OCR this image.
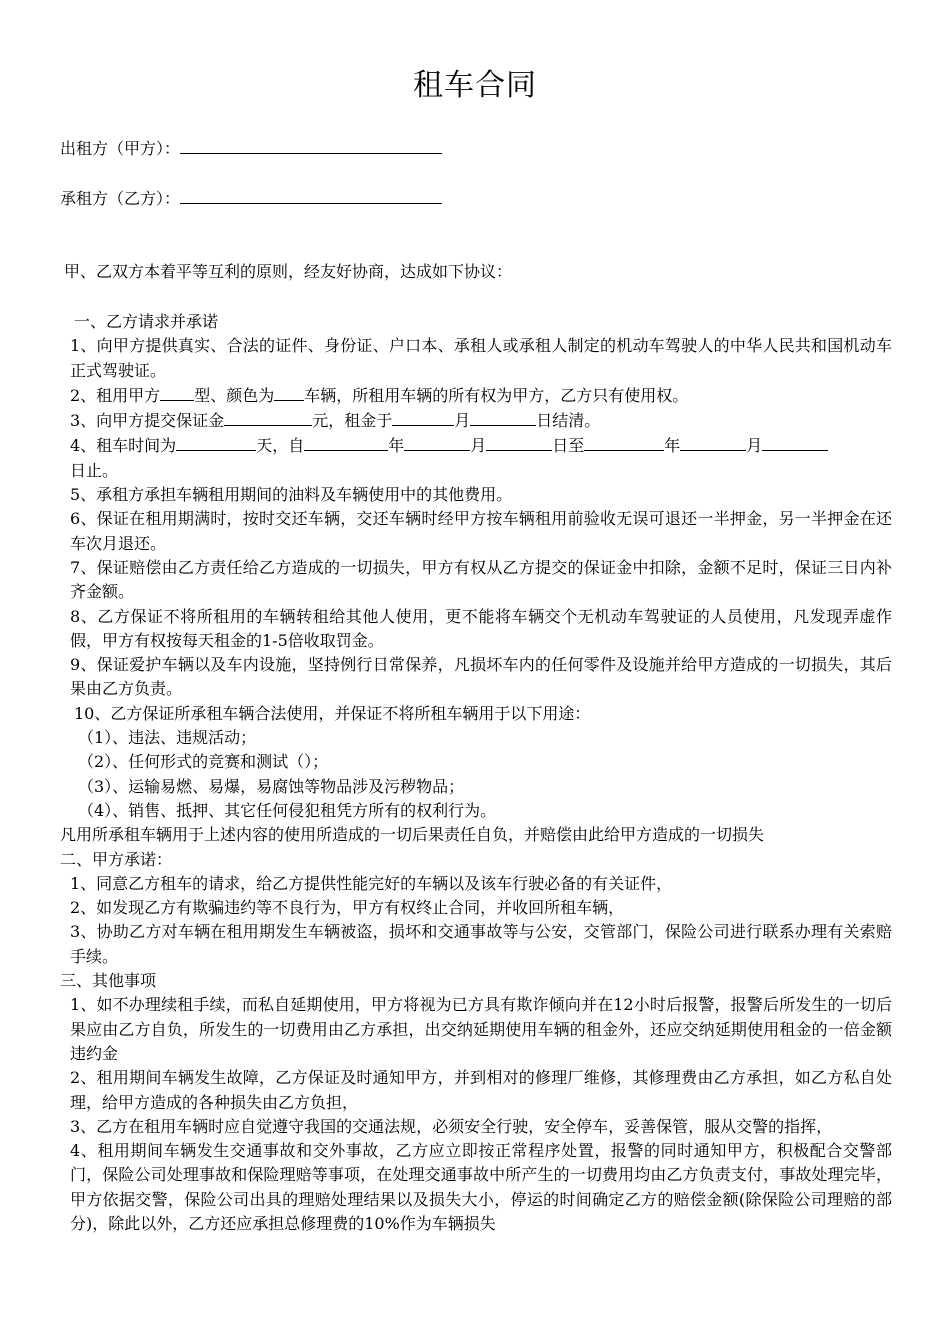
租车合同
出租方（甲方）：
承租方（乙方）：
甲、乙双方本着平等互利的原则，经友好协商，达成如下协议：

一、乙方请求并承诺

1、向甲方提供真实、合法的证件、身份证、户口本、承租人或承租人制定的机动车驾驶人的中华人民共和国机动车正式驾驶证。

2、租用甲方 型、颜色为 车辆，所租用车辆的所有权为甲方，乙方只有使用权。

3、向甲方提交保证金	元，租金于	月	日结清。

4、租车时间为	天，自	年	月	日至	年	月
日止。

5、承租方承担车辆租用期间的油料及车辆使用中的其他费用。

6、保证在租用期满时，按时交还车辆，交还车辆时经甲方按车辆租用前验收无误可退还一半押金，另一半押金在还车次月退还。

7、保证赔偿由乙方责任给乙方造成的一切损失，甲方有权从乙方提交的保证金中扣除，金额不足时，保证三日内补齐金额。

8、乙方保证不将所租用的车辆转租给其他人使用，更不能将车辆交个无机动车驾驶证的人员使用，凡发现弄虚作假，甲方有权按每天租金的1-5倍收取罚金。

9、保证爱护车辆以及车内设施，坚持例行日常保养，凡损坏车内的任何零件及设施并给甲方造成的一切损失，其后果由乙方负责。

10、乙方保证所承租车辆合法使用，并保证不将所租车辆用于以下用途：

（1）、违法、违规活动；

（2）、任何形式的竞赛和测试（）；

（3）、运输易燃、易爆，易腐蚀等物品涉及污秽物品；

（4）、销售、抵押、其它任何侵犯租凭方所有的权利行为。

凡用所承租车辆用于上述内容的使用所造成的一切后果责任自负，并赔偿由此给甲方造成的一切损失

二、甲方承诺：

1、同意乙方租车的请求，给乙方提供性能完好的车辆以及该车行驶必备的有关证件，

2、如发现乙方有欺骗违约等不良行为，甲方有权终止合同，并收回所租车辆，

3、协助乙方对车辆在租用期发生车辆被盗，损坏和交通事故等与公安，交管部门，保险公司进行联系办理有关索赔手续。

三、其他事项

1、如不办理续租手续，而私自延期使用，甲方将视为已方具有欺诈倾向并在12小时后报警，报警后所发生的一切后果应由乙方自负，所发生的一切费用由乙方承担，出交纳延期使用车辆的租金外，还应交纳延期使用租金的一倍金额违约金

2、租用期间车辆发生故障，乙方保证及时通知甲方，并到相对的修理厂维修，其修理费由乙方承担，如乙方私自处理，给甲方造成的各种损失由乙方负担，

3、乙方在租用车辆时应自觉遵守我国的交通法规，必须安全行驶，安全停车，妥善保管，服从交警的指挥，

4、租用期间车辆发生交通事故和交外事故，乙方应立即按正常程序处置，报警的同时通知甲方，积极配合交警部门，保险公司处理事故和保险理赔等事项，在处理交通事故中所产生的一切费用均由乙方负责支付，事故处理完毕，甲方依据交警，保险公司出具的理赔处理结果以及损失大小，停运的时间确定乙方的赔偿金额(除保险公司理赔的部分)，除此以外，乙方还应承担总修理费的10%作为车辆损失
